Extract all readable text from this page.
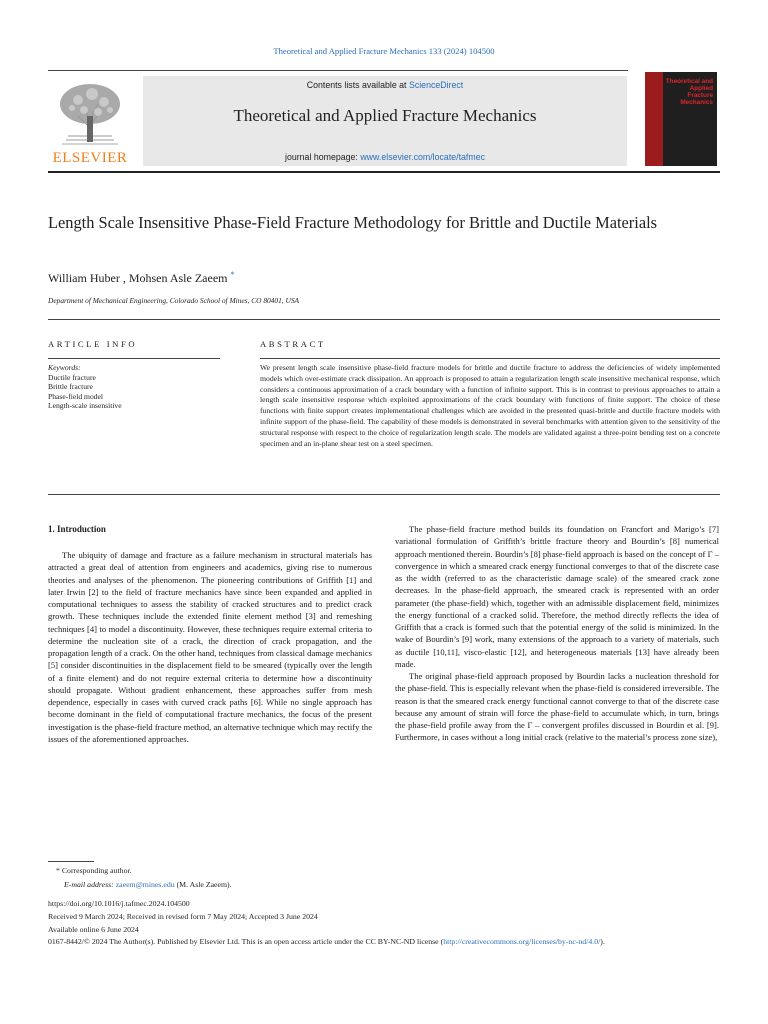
Theoretical and Applied Fracture Mechanics 133 (2024) 104500
ELSEVIER
Contents lists available at ScienceDirect
Theoretical and Applied Fracture Mechanics
journal homepage: www.elsevier.com/locate/tafmec
Theoretical and Applied Fracture Mechanics
Length Scale Insensitive Phase-Field Fracture Methodology for Brittle and Ductile Materials
William Huber , Mohsen Asle Zaeem *
Department of Mechanical Engineering, Colorado School of Mines, CO 80401, USA
ARTICLE INFO	ABSTRACT
Keywords:
Ductile fracture
Brittle fracture
Phase-field model
Length-scale insensitive
We present length scale insensitive phase-field fracture models for brittle and ductile fracture to address the deficiencies of widely implemented models which over-estimate crack dissipation. An approach is proposed to attain a regularization length scale insensitive mechanical response, which considers a continuous approximation of a crack boundary with a function of infinite support. This is in contrast to previous approaches to attain a length scale insensitive response which exploited approximations of the crack boundary with functions of finite support. The choice of these functions with finite support creates implementational challenges which are avoided in the presented quasi-brittle and ductile fracture models with infinite support of the phase-field. The capability of these models is demonstrated in several benchmarks with attention given to the sensitivity of the structural response with respect to the choice of regularization length scale. The models are validated against a three-point bending test on a concrete specimen and an in-plane shear test on a steel specimen.
1. Introduction

The ubiquity of damage and fracture as a failure mechanism in structural materials has attracted a great deal of attention from engineers and academics, giving rise to numerous theories and analyses of the phenomenon. The pioneering contributions of Griffith [1] and later Irwin [2] to the field of fracture mechanics have since been expanded and applied in computational techniques to assess the stability of cracked structures and to predict crack growth. These techniques include the extended finite element method [3] and remeshing techniques [4] to model a discontinuity. However, these techniques require external criteria to determine the nucleation site of a crack, the direction of crack propagation, and the propagation length of a crack. On the other hand, techniques from classical damage mechanics [5] consider discontinuities in the displacement field to be smeared (typically over the length of a finite element) and do not require external criteria to determine how a discontinuity should propagate. Without gradient enhancement, these approaches suffer from mesh dependence, especially in cases with curved crack paths [6]. While no single approach has become dominant in the field of computational fracture mechanics, the focus of the present investigation is the phase-field fracture method, an alternative technique which may rectify the issues of the aforementioned approaches.

The phase-field fracture method builds its foundation on Francfort and Marigo’s [7] variational formulation of Griffith’s brittle fracture theory and Bourdin’s [8] numerical approach mentioned therein. Bourdin’s [8] phase-field approach is based on the concept of Γ – convergence in which a smeared crack energy functional converges to that of the discrete case as the width (referred to as the characteristic damage scale) of the smeared crack zone decreases. In the phase-field approach, the smeared crack is represented with an order parameter (the phase-field) which, together with an admissible displacement field, minimizes the energy functional of a cracked solid. Therefore, the method directly reflects the idea of Griffith that a crack is formed such that the potential energy of the solid is minimized. In the wake of Bourdin’s [9] work, many extensions of the approach to a variety of materials, such as ductile [10,11], visco-elastic [12], and heterogeneous materials [13] have already been made.

The original phase-field approach proposed by Bourdin lacks a nucleation threshold for the phase-field. This is especially relevant when the phase-field is considered irreversible. The reason is that the smeared crack energy functional cannot converge to that of the discrete case because any amount of strain will force the phase-field to accumulate which, in turn, brings the phase-field profile away from the Γ – convergent profiles discussed in Bourdin et al. [9]. Furthermore, in cases without a long initial crack (relative to the material’s process zone size),

* Corresponding author.
E-mail address: zaeem@mines.edu (M. Asle Zaeem).
https://doi.org/10.1016/j.tafmec.2024.104500
Received 9 March 2024; Received in revised form 7 May 2024; Accepted 3 June 2024
Available online 6 June 2024
0167-8442/© 2024 The Author(s). Published by Elsevier Ltd. This is an open access article under the CC BY-NC-ND license (http://creativecommons.org/licenses/by-nc-nd/4.0/).
